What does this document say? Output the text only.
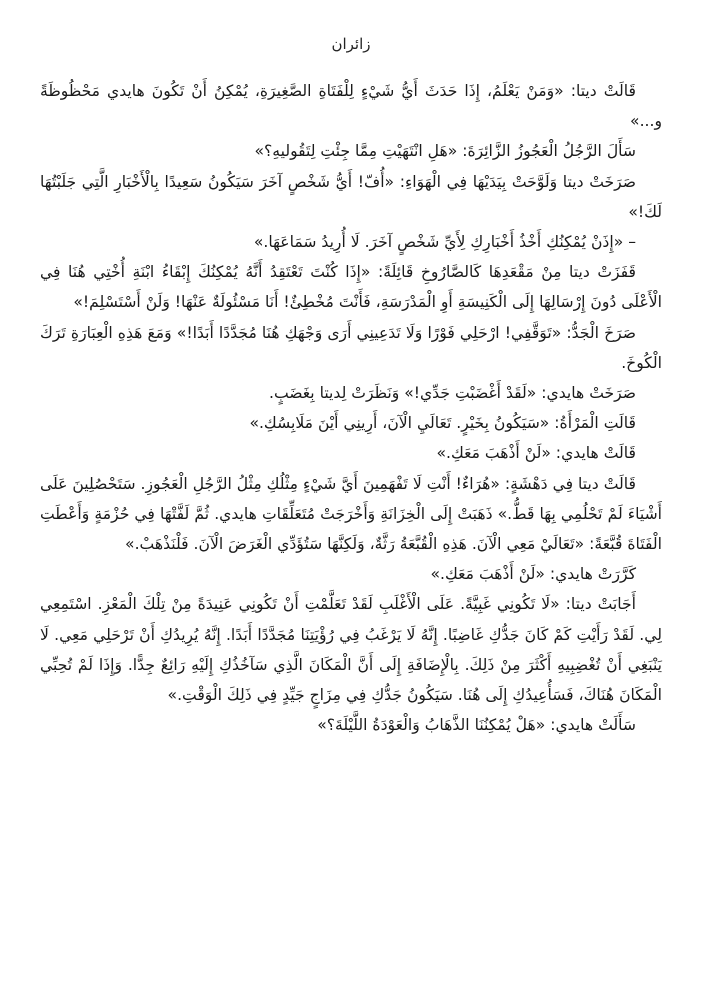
زائران

قَالَتْ ديتا: «وَمَنْ يَعْلَمُ، إِذَا حَدَثَ أَيُّ شَيْءٍ لِلْفَتَاةِ الصَّغِيرَةِ، يُمْكِنُ أَنْ تَكُونَ هايدي مَحْظُوظَةً و...»

سَأَلَ الرَّجُلُ الْعَجُوزُ الزَّائِرَةَ: «هَلِ انْتَهَيْتِ مِمَّا جِئْتِ لِتَقُوليهِ؟»

صَرَخَتْ ديتا وَلَوَّحَتْ بِيَدَيْهَا فِي الْهَوَاءِ: «أُفّ! أَيُّ شَخْصٍ آخَرَ سَيَكُونُ سَعِيدًا بِالْأَخْبَارِ الَّتِي جَلَبْتُهَا لَكَ!»

– «إِذَنْ يُمْكِنُكِ أَخْذُ أَخْبَارِكِ لِأَيِّ شَخْصٍ آخَرَ. لَا أُرِيدُ سَمَاعَهَا.»

قَفَزَتْ ديتا مِنْ مَقْعَدِهَا كَالصَّارُوخِ قَائِلَةً: «إِذَا كُنْتَ تَعْتَقِدُ أَنَّهُ يُمْكِنُكَ إِبْقَاءُ ابْنَةِ أُخْتِي هُنَا فِي الْأَعْلَى دُونَ إِرْسَالِهَا إِلَى الْكَنِيسَةِ أَوِ الْمَدْرَسَةِ، فَأَنْتَ مُخْطِئٌ! أَنَا مَسْئُولَةٌ عَنْهَا! وَلَنْ أَسْتَسْلِمَ!»

صَرَخَ الْجَدُّ: «تَوَقَّفِي! ارْحَلِي فَوْرًا وَلَا تَدَعِينِي أَرَى وَجْهَكِ هُنَا مُجَدَّدًا أَبَدًا!» وَمَعَ هَذِهِ الْعِبَارَةِ تَرَكَ الْكُوخَ.

صَرَخَتْ هايدي: «لَقَدْ أَغْضَبْتِ جَدِّي!» وَنَظَرَتْ لِديتا بِغَضَبٍ.

قَالَتِ الْمَرْأَةُ: «سَيَكُونُ بِخَيْرٍ. تَعَالَيِ الْآنَ، أَرِينِي أَيْنَ مَلَابِسُكِ.»

قَالَتْ هايدي: «لَنْ أَذْهَبَ مَعَكِ.»

قَالَتْ ديتا فِي دَهْشَةٍ: «هُرَاءٌ! أَنْتِ لَا تَفْهَمِينَ أَيَّ شَيْءٍ مِثْلُكِ مِثْلُ الرَّجُلِ الْعَجُوزِ. سَتَحْصُلِينَ عَلَى أَشْيَاءَ لَمْ تَحْلُمِي بِهَا قَطُّ.» ذَهَبَتْ إِلَى الْخِزَانَةِ وَأَخْرَجَتْ مُتَعَلِّقَاتِ هايدي. ثُمَّ لَفَّتْهَا فِي حُزْمَةٍ وَأَعْطَتِ الْفَتَاةَ قُبَّعَةً: «تَعَالَيْ مَعِي الْآنَ. هَذِهِ الْقُبَّعَةُ رَثَّةٌ، وَلَكِنَّهَا سَتُؤَدِّي الْغَرَضَ الْآنَ. فَلْنَذْهَبْ.»

كَرَّرَتْ هايدي: «لَنْ أَذْهَبَ مَعَكِ.»

أَجَابَتْ ديتا: «لَا تَكُونِي غَبِيَّةً. عَلَى الْأَغْلَبِ لَقَدْ تَعَلَّمْتِ أَنْ تَكُونِي عَنِيدَةً مِنْ تِلْكَ الْمَعْزِ. اسْتَمِعِي لِي. لَقَدْ رَأَيْتِ كَمْ كَانَ جَدُّكِ غَاضِبًا. إِنَّهُ لَا يَرْغَبُ فِي رُؤْيَتِنَا مُجَدَّدًا أَبَدًا. إِنَّهُ يُرِيدُكِ أَنْ تَرْحَلِي مَعِي. لَا يَنْبَغِي أَنْ تُغْضِبِيهِ أَكْثَرَ مِنْ ذَلِكَ. بِالْإِضَافَةِ إِلَى أَنَّ الْمَكَانَ الَّذِي سَآخُذُكِ إِلَيْهِ رَائِعٌ جِدًّا. وَإِذَا لَمْ تُحِبِّي الْمَكَانَ هُنَاكَ، فَسَأُعِيدُكِ إِلَى هُنَا. سَيَكُونُ جَدُّكِ فِي مِزَاجٍ جَيِّدٍ فِي ذَلِكَ الْوَقْتِ.»

سَأَلَتْ هايدي: «هَلْ يُمْكِنُنَا الذَّهَابُ وَالْعَوْدَةُ اللَّيْلَةَ؟»
